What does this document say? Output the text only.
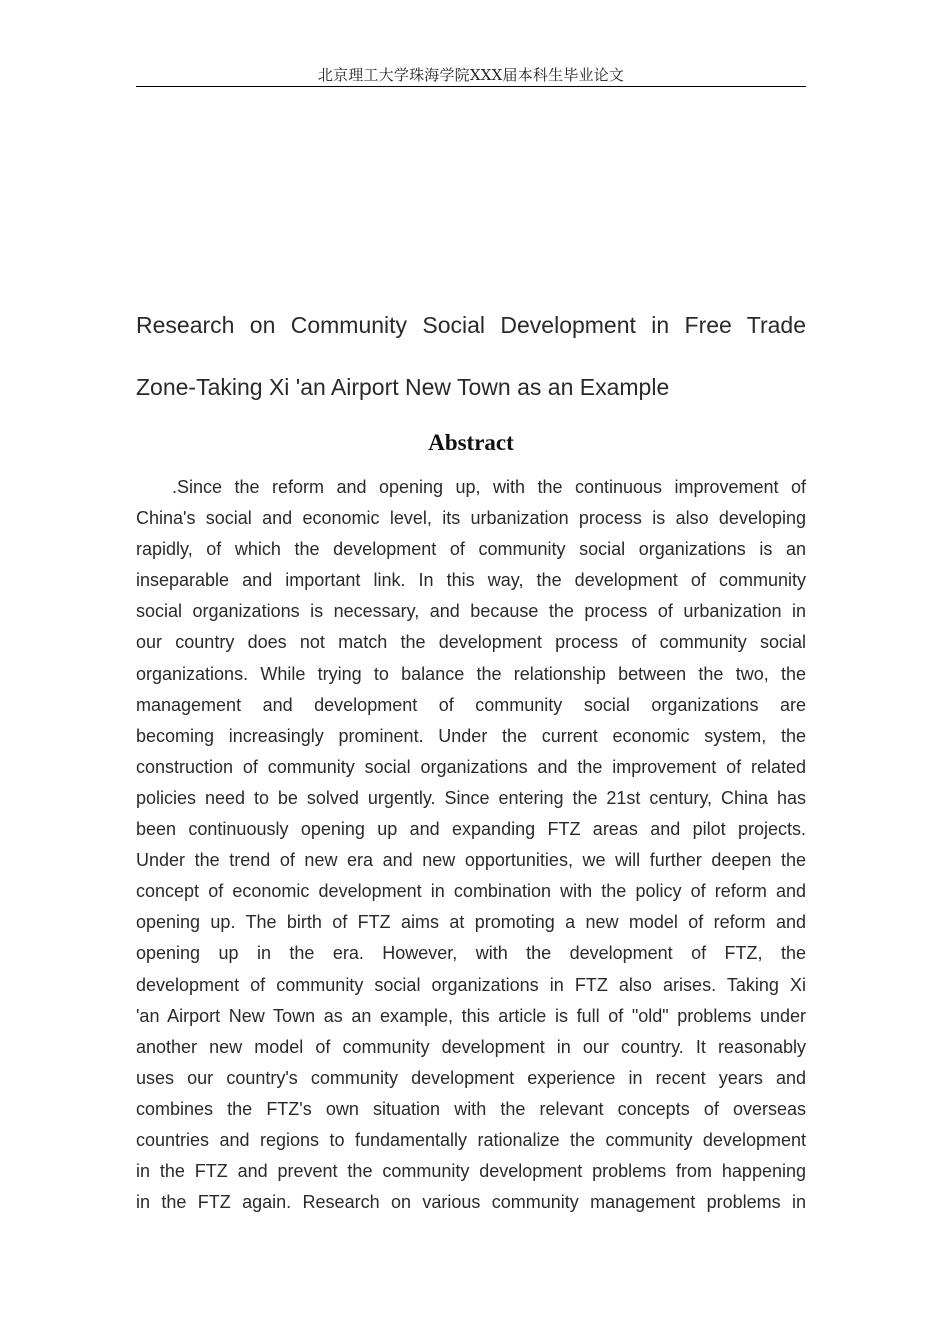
北京理工大学珠海学院XXX届本科生毕业论文
Research on Community Social Development in Free Trade
Zone-Taking Xi 'an Airport New Town as an Example
Abstract
.Since the reform and opening up, with the continuous improvement of
China's social and economic level, its urbanization process is also developing
rapidly, of which the development of community social organizations is an
inseparable and important link. In this way, the development of community
social organizations is necessary, and because the process of urbanization in
our country does not match the development process of community social
organizations. While trying to balance the relationship between the two, the
management and development of community social organizations are
becoming increasingly prominent. Under the current economic system, the
construction of community social organizations and the improvement of related
policies need to be solved urgently. Since entering the 21st century, China has
been continuously opening up and expanding FTZ areas and pilot projects.
Under the trend of new era and new opportunities, we will further deepen the
concept of economic development in combination with the policy of reform and
opening up. The birth of FTZ aims at promoting a new model of reform and
opening up in the era. However, with the development of FTZ, the
development of community social organizations in FTZ also arises. Taking Xi
'an Airport New Town as an example, this article is full of "old" problems under
another new model of community development in our country. It reasonably
uses our country's community development experience in recent years and
combines the FTZ's own situation with the relevant concepts of overseas
countries and regions to fundamentally rationalize the community development
in the FTZ and prevent the community development problems from happening
in the FTZ again. Research on various community management problems in
